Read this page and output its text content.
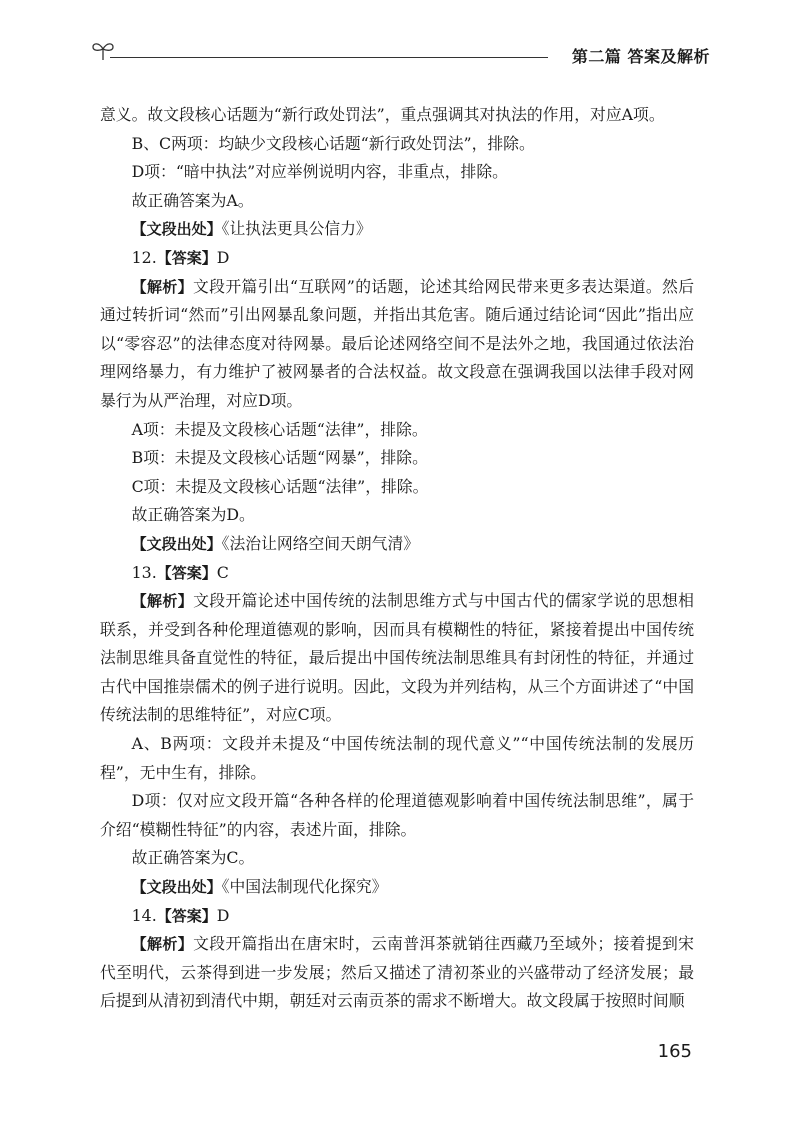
第二篇 答案及解析

意义。故文段核心话题为“新行政处罚法”，重点强调其对执法的作用，对应A项。

B、C两项：均缺少文段核心话题“新行政处罚法”，排除。

D项：“暗中执法”对应举例说明内容，非重点，排除。

故正确答案为A。

【文段出处】《让执法更具公信力》

12.【答案】D

【解析】文段开篇引出“互联网”的话题，论述其给网民带来更多表达渠道。然后通过转折词“然而”引出网暴乱象问题，并指出其危害。随后通过结论词“因此”指出应以“零容忍”的法律态度对待网暴。最后论述网络空间不是法外之地，我国通过依法治理网络暴力，有力维护了被网暴者的合法权益。故文段意在强调我国以法律手段对网暴行为从严治理，对应D项。

A项：未提及文段核心话题“法律”，排除。

B项：未提及文段核心话题“网暴”，排除。

C项：未提及文段核心话题“法律”，排除。

故正确答案为D。

【文段出处】《法治让网络空间天朗气清》

13.【答案】C

【解析】文段开篇论述中国传统的法制思维方式与中国古代的儒家学说的思想相联系，并受到各种伦理道德观的影响，因而具有模糊性的特征，紧接着提出中国传统法制思维具备直觉性的特征，最后提出中国传统法制思维具有封闭性的特征，并通过古代中国推崇儒术的例子进行说明。因此，文段为并列结构，从三个方面讲述了“中国传统法制的思维特征”，对应C项。

A、B两项：文段并未提及“中国传统法制的现代意义”“中国传统法制的发展历程”，无中生有，排除。

D项：仅对应文段开篇“各种各样的伦理道德观影响着中国传统法制思维”，属于介绍“模糊性特征”的内容，表述片面，排除。

故正确答案为C。

【文段出处】《中国法制现代化探究》

14.【答案】D

【解析】文段开篇指出在唐宋时，云南普洱茶就销往西藏乃至域外；接着提到宋代至明代，云茶得到进一步发展；然后又描述了清初茶业的兴盛带动了经济发展；最后提到从清初到清代中期，朝廷对云南贡茶的需求不断增大。故文段属于按照时间顺

165
